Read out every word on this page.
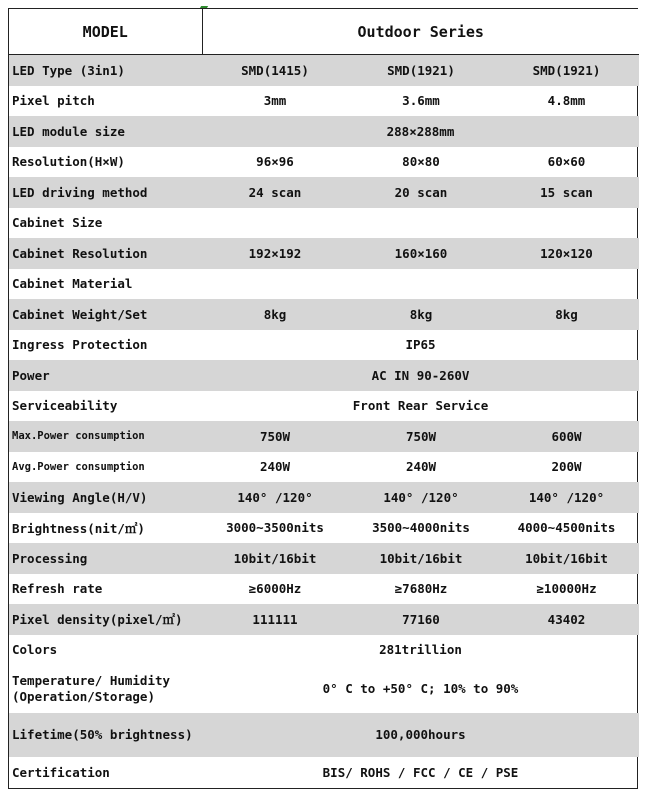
MODEL	Outdoor Series		
LED Type (3in1)	SMD(1415)	SMD(1921)	SMD(1921)
Pixel pitch	3mm	3.6mm	4.8mm
LED module size	288×288mm		
Resolution(H×W)	96×96	80×80	60×60
LED driving method	24 scan	20 scan	15 scan
Cabinet Size			
Cabinet Resolution	192×192	160×160	120×120
Cabinet Material			
Cabinet Weight/Set	8kg	8kg	8kg
Ingress Protection	IP65		
Power	AC IN 90-260V		
Serviceability	Front Rear Service		
Max.Power consumption	750W	750W	600W
Avg.Power consumption	240W	240W	200W
Viewing Angle(H/V)	140° /120°	140° /120°	140° /120°
Brightness(nit/㎡)	3000~3500nits	3500~4000nits	4000~4500nits
Processing	10bit/16bit	10bit/16bit	10bit/16bit
Refresh rate	≥6000Hz	≥7680Hz	≥10000Hz
Pixel density(pixel/㎡)	111111	77160	43402
Colors	281trillion		
Temperature/ Humidity (Operation/Storage)	0° C to +50° C; 10% to 90%		
Lifetime(50% brightness)	100,000hours		
Certification	BIS/ ROHS / FCC / CE / PSE		
